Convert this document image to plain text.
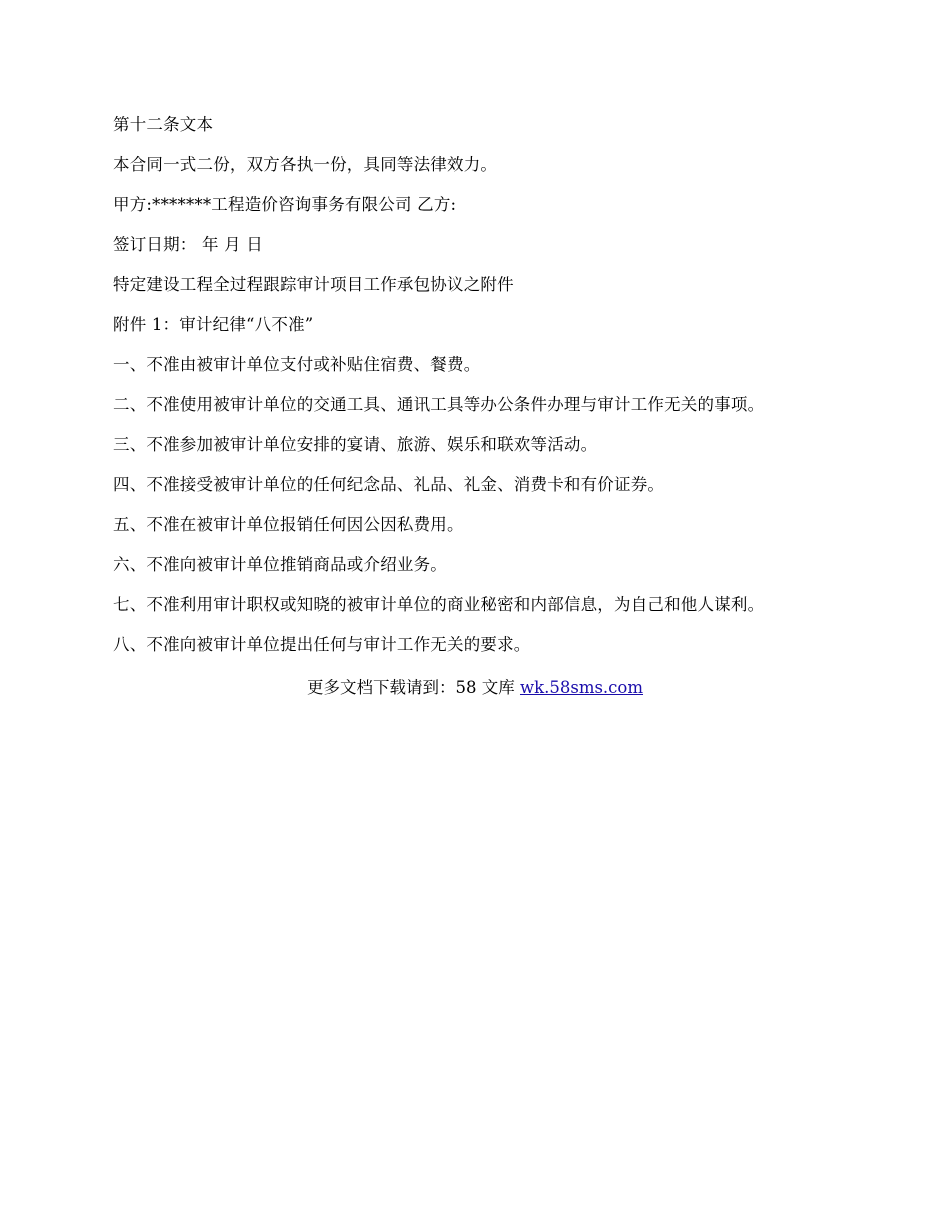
第十二条文本
本合同一式二份，双方各执一份，具同等法律效力。
甲方:*******工程造价咨询事务有限公司 乙方:
签订日期： 年 月 日
特定建设工程全过程跟踪审计项目工作承包协议之附件
附件 1：审计纪律“八不准”
一、不准由被审计单位支付或补贴住宿费、餐费。
二、不准使用被审计单位的交通工具、通讯工具等办公条件办理与审计工作无关的事项。
三、不准参加被审计单位安排的宴请、旅游、娱乐和联欢等活动。
四、不准接受被审计单位的任何纪念品、礼品、礼金、消费卡和有价证券。
五、不准在被审计单位报销任何因公因私费用。
六、不准向被审计单位推销商品或介绍业务。
七、不准利用审计职权或知晓的被审计单位的商业秘密和内部信息，为自己和他人谋利。
八、不准向被审计单位提出任何与审计工作无关的要求。
更多文档下载请到：58 文库 wk.58sms.com
